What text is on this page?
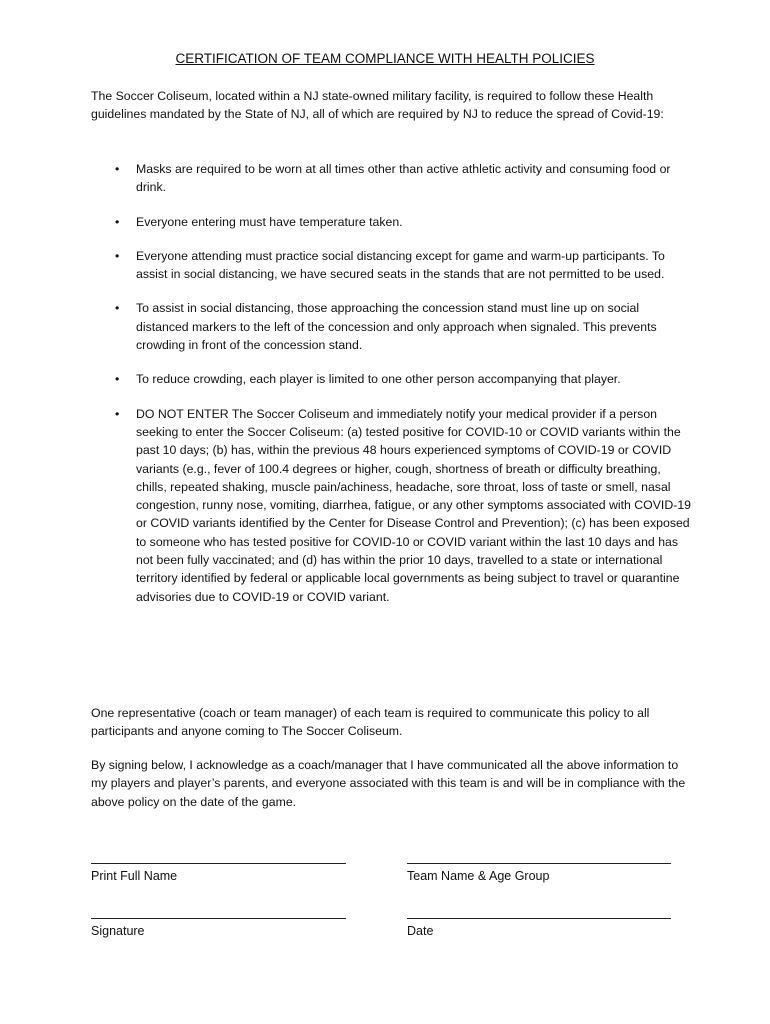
CERTIFICATION OF TEAM COMPLIANCE WITH HEALTH POLICIES
The Soccer Coliseum, located within a NJ state-owned military facility, is required to follow these Health guidelines mandated by the State of NJ, all of which are required by NJ to reduce the spread of Covid-19:
• Masks are required to be worn at all times other than active athletic activity and consuming food or drink.
• Everyone entering must have temperature taken.
• Everyone attending must practice social distancing except for game and warm-up participants. To assist in social distancing, we have secured seats in the stands that are not permitted to be used.
• To assist in social distancing, those approaching the concession stand must line up on social distanced markers to the left of the concession and only approach when signaled. This prevents crowding in front of the concession stand.
• To reduce crowding, each player is limited to one other person accompanying that player.
• DO NOT ENTER The Soccer Coliseum and immediately notify your medical provider if a person seeking to enter the Soccer Coliseum: (a) tested positive for COVID-10 or COVID variants within the past 10 days; (b) has, within the previous 48 hours experienced symptoms of COVID-19 or COVID variants (e.g., fever of 100.4 degrees or higher, cough, shortness of breath or difficulty breathing, chills, repeated shaking, muscle pain/achiness, headache, sore throat, loss of taste or smell, nasal congestion, runny nose, vomiting, diarrhea, fatigue, or any other symptoms associated with COVID-19 or COVID variants identified by the Center for Disease Control and Prevention); (c) has been exposed to someone who has tested positive for COVID-10 or COVID variant within the last 10 days and has not been fully vaccinated; and (d) has within the prior 10 days, travelled to a state or international territory identified by federal or applicable local governments as being subject to travel or quarantine advisories due to COVID-19 or COVID variant.
One representative (coach or team manager) of each team is required to communicate this policy to all participants and anyone coming to The Soccer Coliseum.
By signing below, I acknowledge as a coach/manager that I have communicated all the above information to my players and player’s parents, and everyone associated with this team is and will be in compliance with the above policy on the date of the game.
Print Full Name	Team Name & Age Group
Signature	Date
